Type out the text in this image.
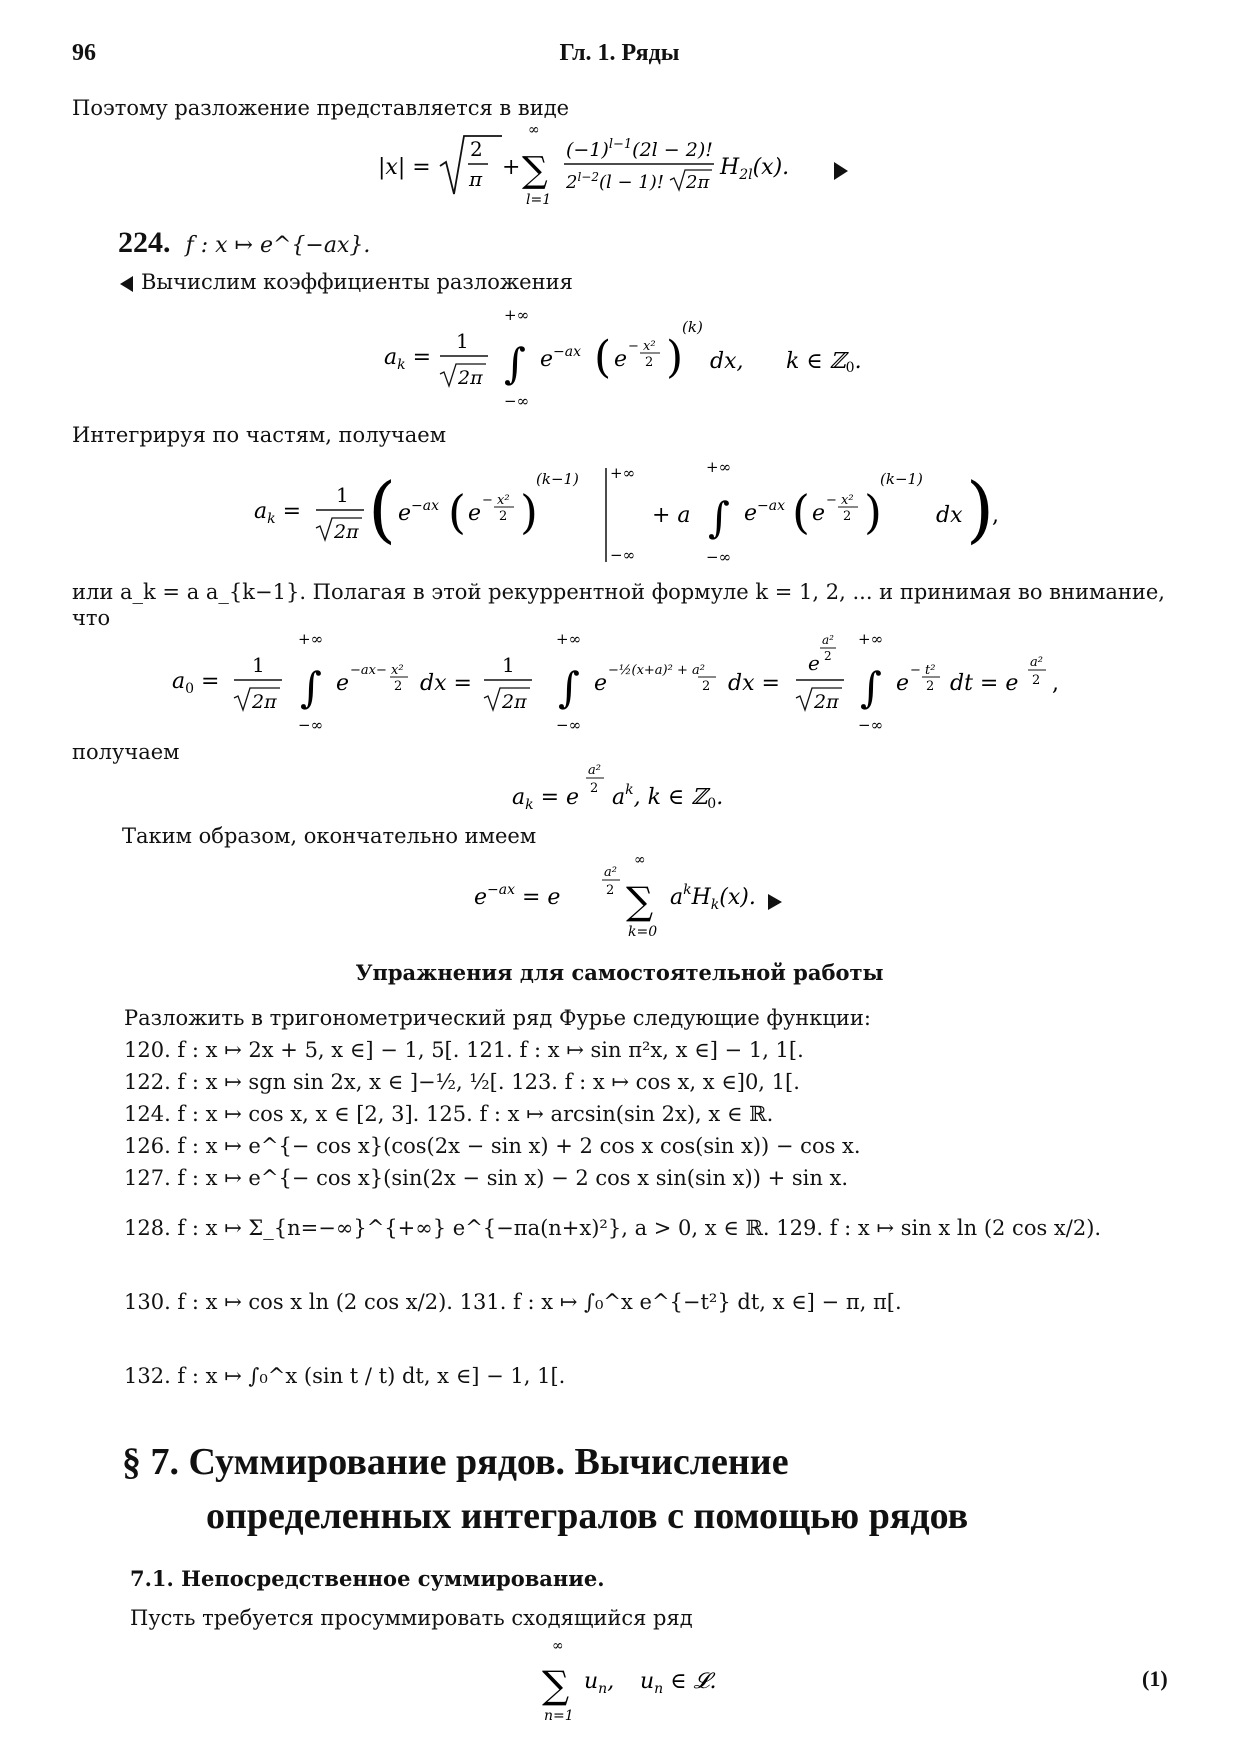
96	Гл. 1. Ряды
Поэтому разложение представляется в виде
|x| =
2
π +
∞
∑
l=1
$(-1)^{l-1}(2l - 2)$!
$2^{l-2}(l - 1)$! 2π
$H_{2l}(x)$.
224. f : x ↦ e^{−ax}.
Вычислим коэффициенты разложения
$a_k$ =
1
2π
+∞
∫
−∞
$e^{-ax}$ ( e
− x²
2 )
(k)
dx, k ∈ ℤ0.
Интегрируя по частям, получаем
$a_k$ =
1
2π ( $e^{-ax}$ ( e
− x²
2 )
(k−1) +∞
−∞
+ a
+∞
∫
−∞
$e^{-ax}$ ( e
− x²
2 )
(k−1)
dx )
,
или a_k = a a_{k−1}. Полагая в этой рекуррентной формуле k = 1, 2, ... и принимая во внимание,
что
$a_0$ =
1
2π
+∞
∫
−∞
e
−ax− x²
2 dx =
1
2π
+∞
∫
−∞
e
−½(x+a)² + a²
2 dx =
e
a²
2
2π
+∞
∫
−∞
e
− t²
2 dt = e
a²
2 ,
получаем
$a_k = e$
a²
2 $a^k$, k ∈ ℤ0.
Таким образом, окончательно имеем
$e^{-ax} = e$
a²
2
∞
∑
k=0
$a^kH_k(x)$.
Упражнения для самостоятельной работы
Разложить в тригонометрический ряд Фурье следующие функции:
120. f : x ↦ 2x + 5, x ∈] − 1, 5[. 121. f : x ↦ sin π²x, x ∈] − 1, 1[.
122. f : x ↦ sgn sin 2x, x ∈ ]−½, ½[. 123. f : x ↦ cos x, x ∈]0, 1[.
124. f : x ↦ cos x, x ∈ [2, 3]. 125. f : x ↦ arcsin(sin 2x), x ∈ ℝ.
126. f : x ↦ e^{− cos x}(cos(2x − sin x) + 2 cos x cos(sin x)) − cos x.
127. f : x ↦ e^{− cos x}(sin(2x − sin x) − 2 cos x sin(sin x)) + sin x.
128. f : x ↦ Σ_{n=−∞}^{+∞} e^{−πa(n+x)²}, a > 0, x ∈ ℝ. 129. f : x ↦ sin x ln (2 cos x/2).
130. f : x ↦ cos x ln (2 cos x/2). 131. f : x ↦ ∫₀^x e^{−t²} dt, x ∈] − π, π[.
132. f : x ↦ ∫₀^x (sin t / t) dt, x ∈] − 1, 1[.
§ 7. Суммирование рядов. Вычисление
определенных интегралов с помощью рядов
7.1. Непосредственное суммирование.
Пусть требуется просуммировать сходящийся ряд
∞
∑
n=1
$u_n$, $u_n$ ∈ 𝓛.	(1)
